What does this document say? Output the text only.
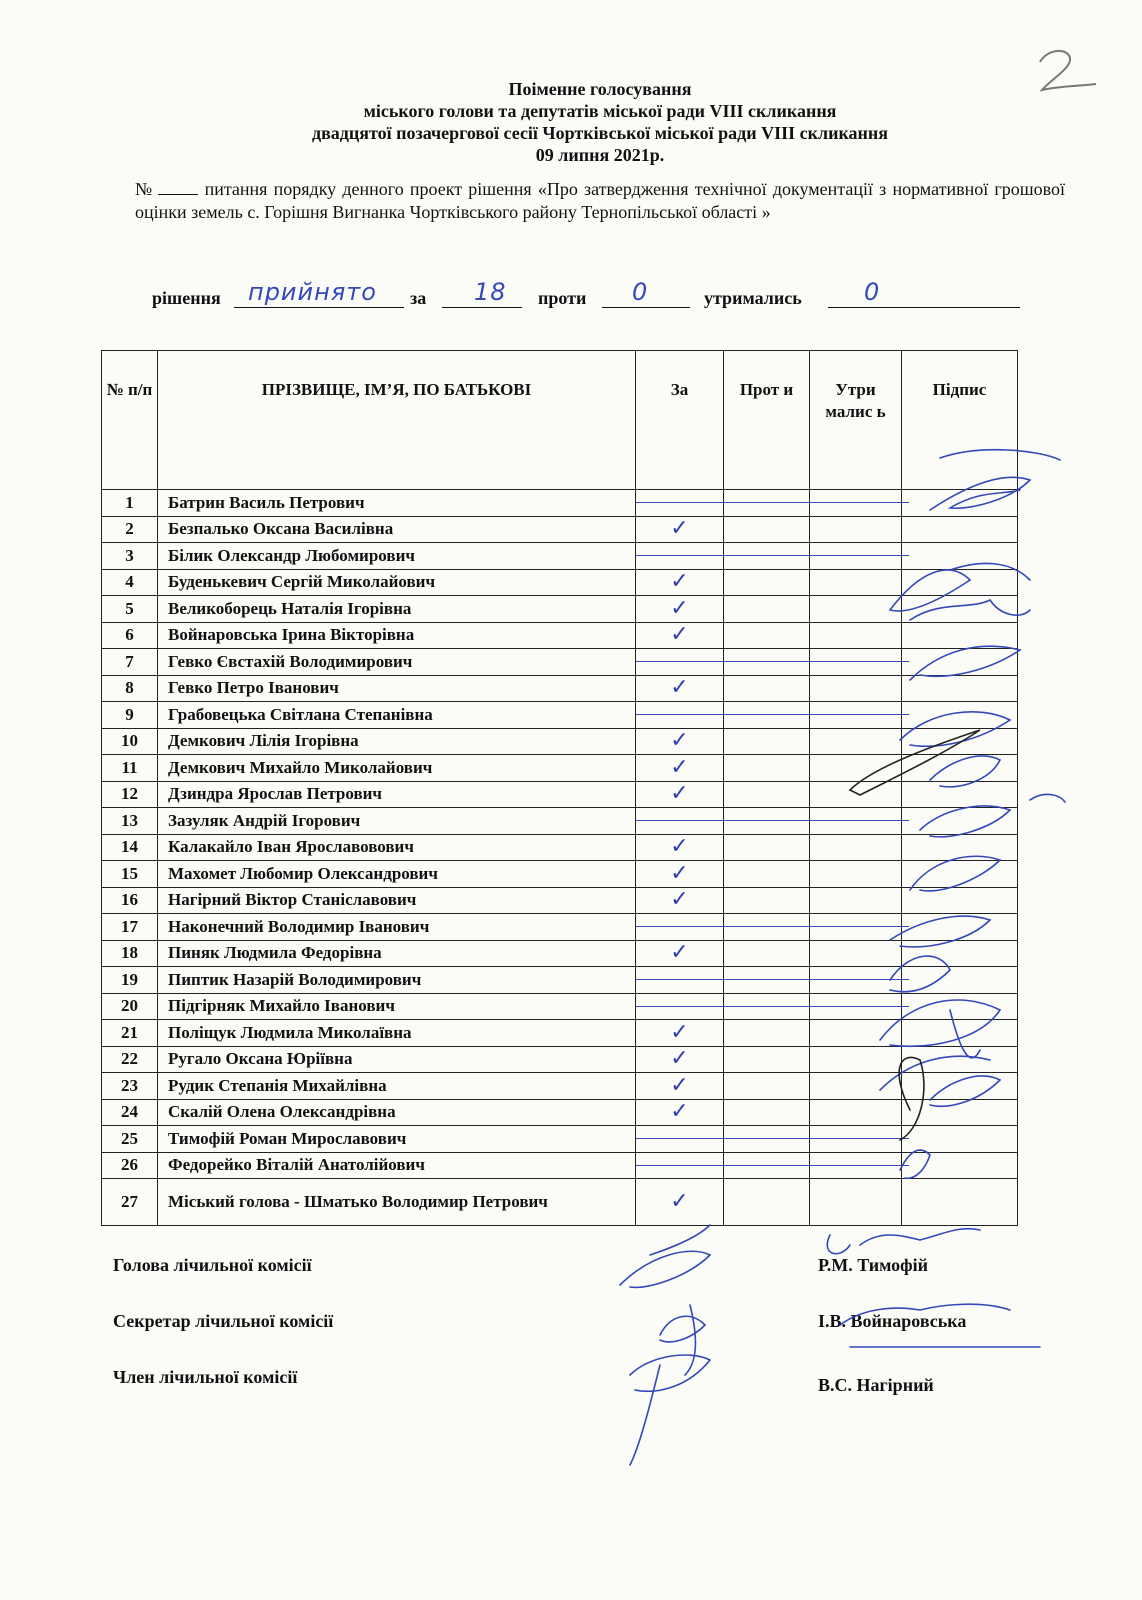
2
Поіменне голосування
міського голови та депутатів міської ради VIII скликання
двадцятої позачергової сесії Чортківської міської ради VIII скликання
09 липня 2021р.
№	питання порядку денного проект рішення «Про затвердження технічної документації з нормативної грошової оцінки земель с. Горішня Вигнанка Чортківського району Тернопільської області »
рішення прийнято за 18 проти 0	утримались	0
№ п/п	ПРІЗВИЩЕ, ІМ’Я, ПО БАТЬКОВІ	За	Прот и	Утри малис ь	Підпис
1	Батрин Василь Петрович	

2	Безпалько Оксана Василівна	✓			
3	Білик Олександр Любомирович	

4	Буденькевич Сергій Миколайович	✓			
5	Великоборець Наталія Ігорівна	✓			
6	Войнаровська Ірина Вікторівна	✓			
7	Гевко Євстахій Володимирович	

8	Гевко Петро Іванович	✓			
9	Грабовецька Світлана Степанівна	

10	Демкович Лілія Ігорівна	✓			
11	Демкович Михайло Миколайович	✓			
12	Дзиндра Ярослав Петрович	✓			
13	Зазуляк Андрій Ігорович	

14	Калакайло Іван Ярославовович	✓			
15	Махомет Любомир Олександрович	✓			
16	Нагірний Віктор Станіславович	✓			
17	Наконечний Володимир Іванович	

18	Пиняк Людмила Федорівна	✓			
19	Пиптик Назарій Володимирович	

20	Підгірняк Михайло Іванович	

21	Поліщук Людмила Миколаївна	✓			
22	Ругало Оксана Юріївна	✓			
23	Рудик Степанія Михайлівна	✓			
24	Скалій Олена Олександрівна	✓			
25	Тимофій Роман Мирославович	

26	Федорейко Віталій Анатолійович	

27	Міський голова - Шматько Володимир Петрович	✓			
Голова лічильної комісії	Р.М. Тимофій
Секретар лічильної комісії	І.В. Войнаровська
Член лічильної комісії	В.С. Нагірний
